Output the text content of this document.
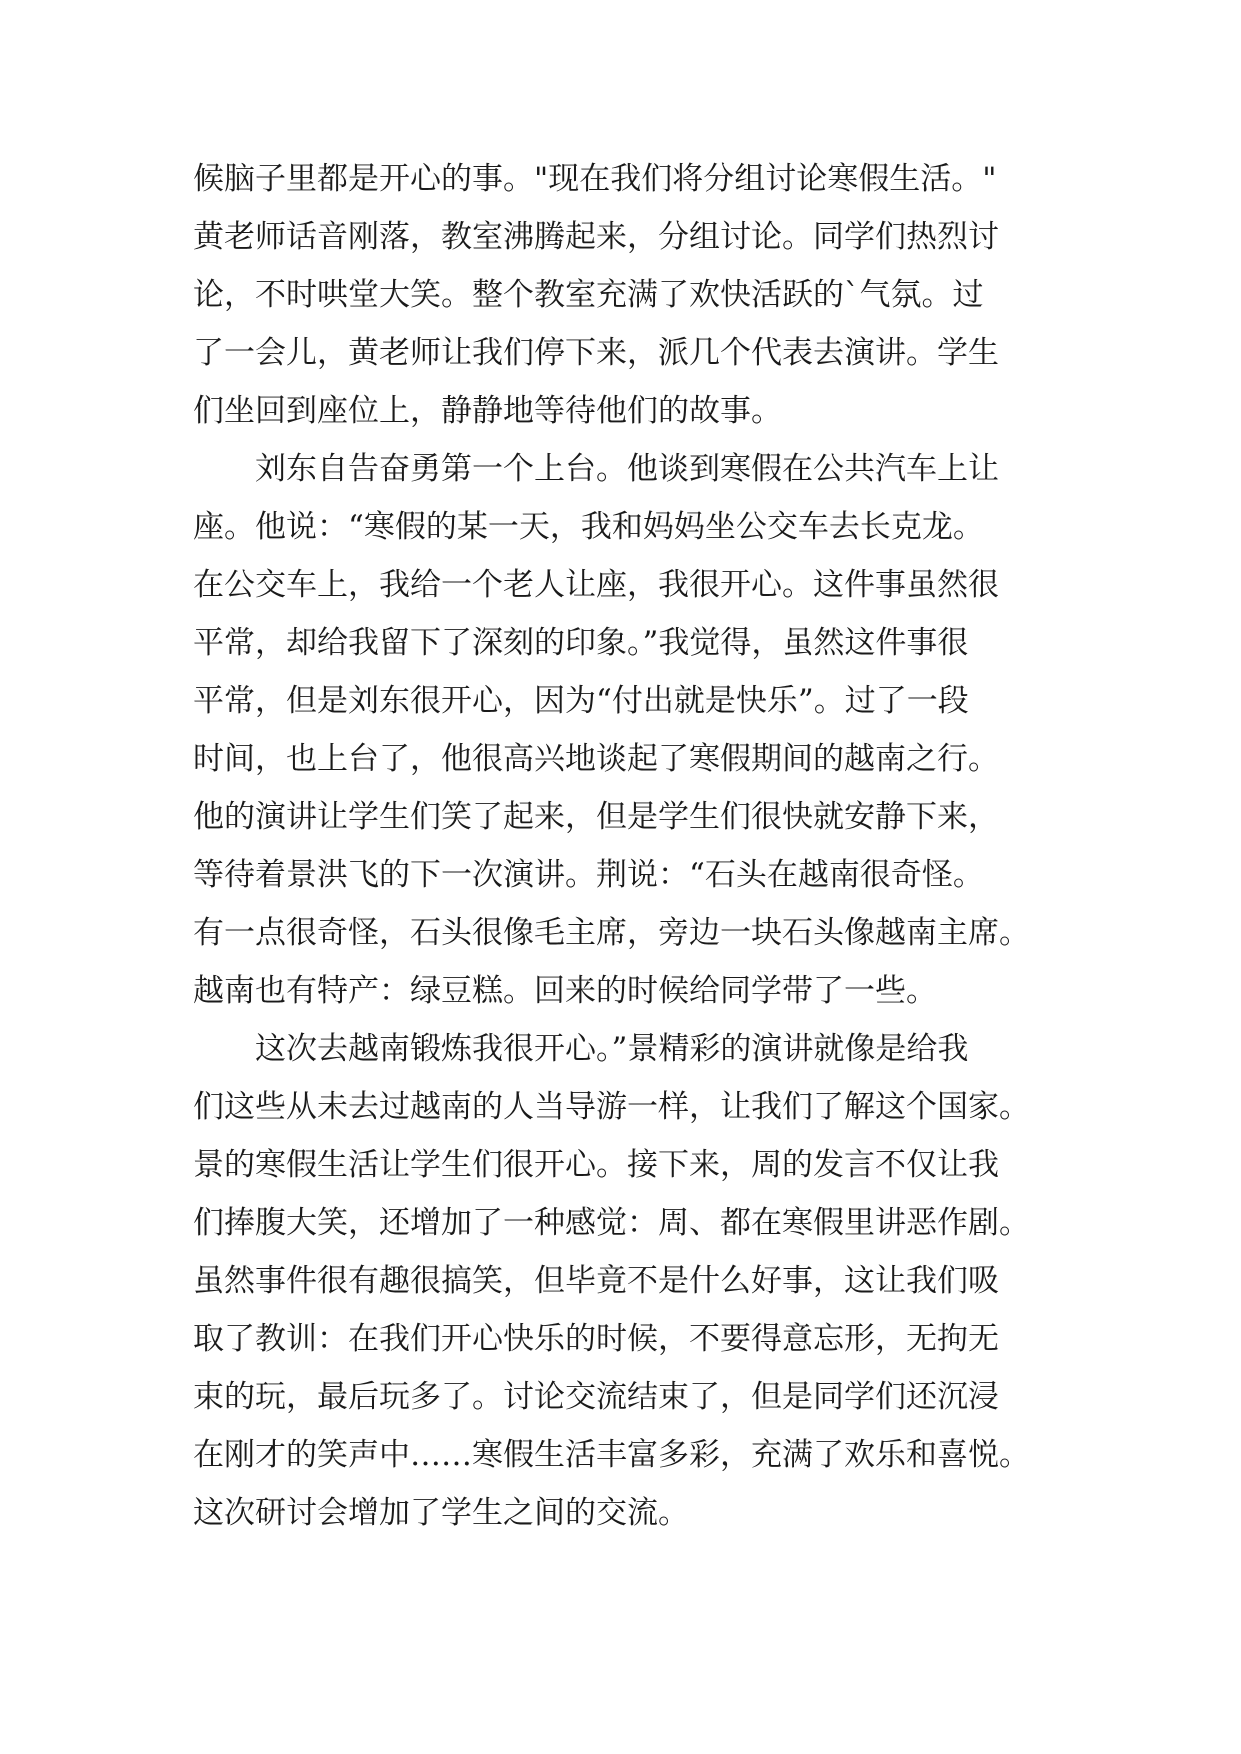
候脑子里都是开心的事。"现在我们将分组讨论寒假生活。"
黄老师话音刚落，教室沸腾起来，分组讨论。同学们热烈讨
论，不时哄堂大笑。整个教室充满了欢快活跃的`气氛。过
了一会儿，黄老师让我们停下来，派几个代表去演讲。学生
们坐回到座位上，静静地等待他们的故事。
刘东自告奋勇第一个上台。他谈到寒假在公共汽车上让
座。他说：“寒假的某一天，我和妈妈坐公交车去长克龙。
在公交车上，我给一个老人让座，我很开心。这件事虽然很
平常，却给我留下了深刻的印象。”我觉得，虽然这件事很
平常，但是刘东很开心，因为“付出就是快乐”。过了一段
时间，也上台了，他很高兴地谈起了寒假期间的越南之行。
他的演讲让学生们笑了起来，但是学生们很快就安静下来，
等待着景洪飞的下一次演讲。荆说：“石头在越南很奇怪。
有一点很奇怪，石头很像毛主席，旁边一块石头像越南主席。
越南也有特产：绿豆糕。回来的时候给同学带了一些。
这次去越南锻炼我很开心。”景精彩的演讲就像是给我
们这些从未去过越南的人当导游一样，让我们了解这个国家。
景的寒假生活让学生们很开心。接下来，周的发言不仅让我
们捧腹大笑，还增加了一种感觉：周、都在寒假里讲恶作剧。
虽然事件很有趣很搞笑，但毕竟不是什么好事，这让我们吸
取了教训：在我们开心快乐的时候，不要得意忘形，无拘无
束的玩，最后玩多了。讨论交流结束了，但是同学们还沉浸
在刚才的笑声中……寒假生活丰富多彩，充满了欢乐和喜悦。
这次研讨会增加了学生之间的交流。
